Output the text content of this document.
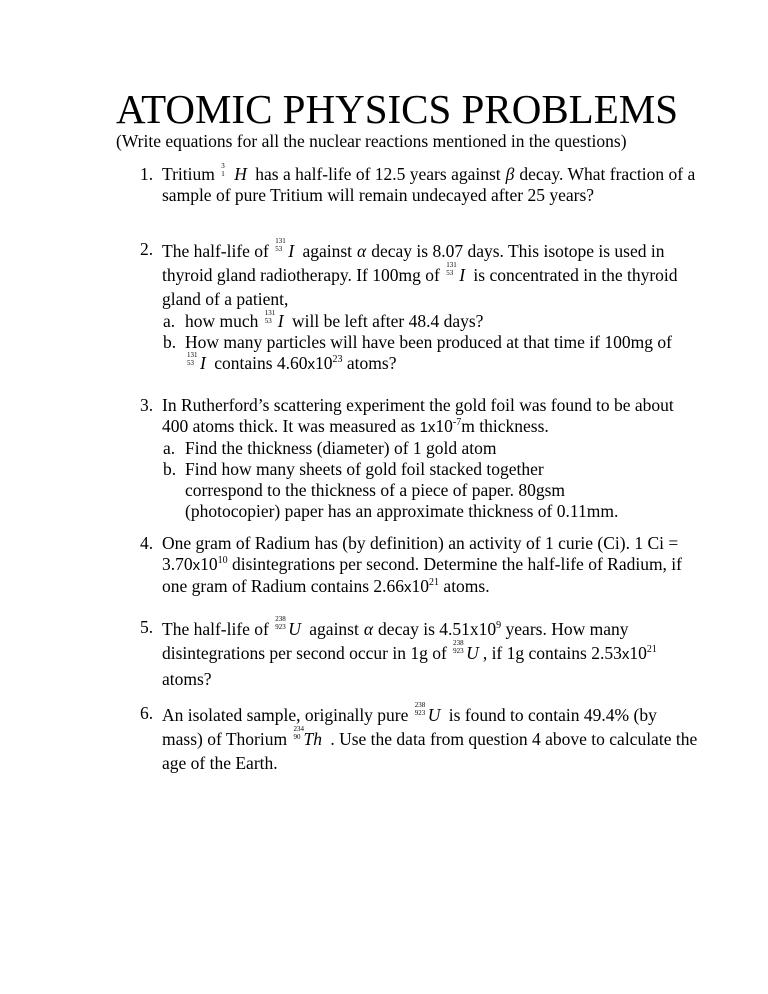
ATOMIC PHYSICS PROBLEMS
(Write equations for all the nuclear reactions mentioned in the questions)
1. Tritium 3
1 H has a half-life of 12.5 years against β decay. What fraction of a sample of pure Tritium will remain undecayed after 25 years?
2. The half-life of 131
53 I against α decay is 8.07 days. This isotope is used in thyroid gland radiotherapy. If 100mg of 131
53 I is concentrated in the thyroid gland of a patient,
a. how much 131
53 I will be left after 48.4 days?
b. How many particles will have been produced at that time if 100mg of
131
53 I contains $4.60x10^{23}$ atoms?
3. In Rutherford’s scattering experiment the gold foil was found to be about 400 atoms thick. It was measured as $1x10^{-7}m$ thickness.
a. Find the thickness (diameter) of 1 gold atom
b. Find how many sheets of gold foil stacked together correspond to the thickness of a piece of paper. 80gsm (photocopier) paper has an approximate thickness of 0.11mm.
4. One gram of Radium has (by definition) an activity of 1 curie (Ci). 1 $Ci = 3.70x10^{10}$ disintegrations per second. Determine the half-life of Radium, if one gram of Radium contains $2.66x10^{21}$ atoms.
5. The half-life of 238
923 U against α decay is $4.51x10^9$ years. How many disintegrations per second occur in 1g of 238
923 U , if 1g contains $2.53x10^{21}$ atoms?
6. An isolated sample, originally pure 238
923 U is found to contain 49.4% (by mass) of Thorium 234
90 Th . Use the data from question 4 above to calculate the age of the Earth.
